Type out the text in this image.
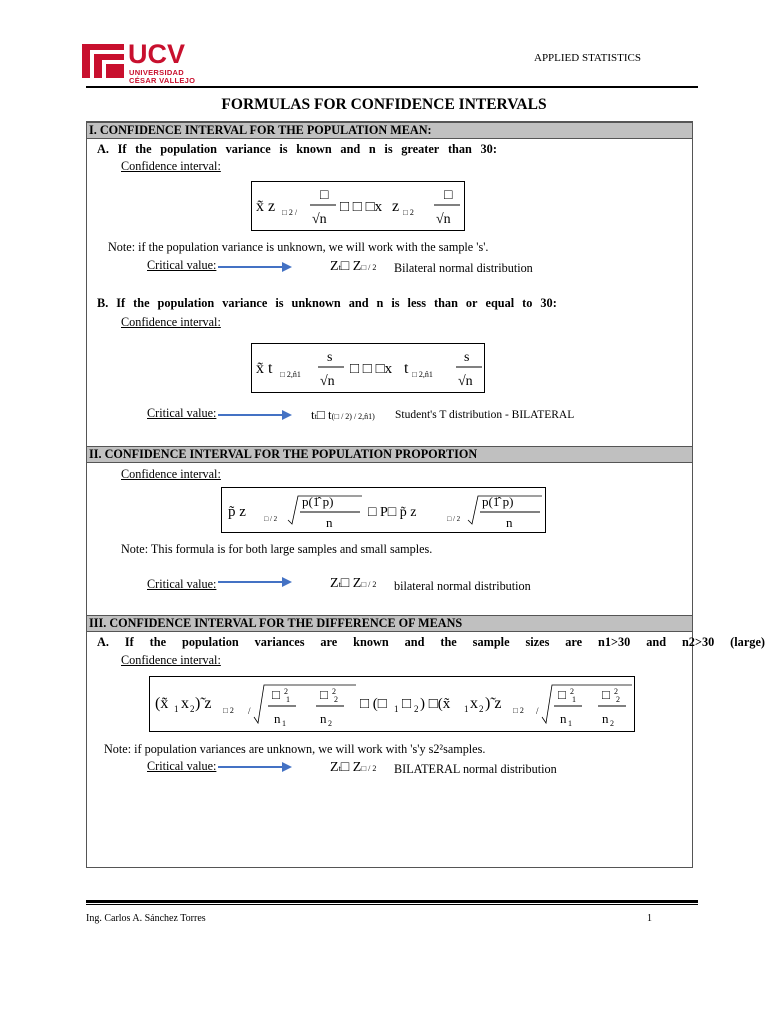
UCV
UNIVERSIDAD
CÉSAR VALLEJO
APPLIED STATISTICS
FORMULAS FOR CONFIDENCE INTERVALS
I. CONFIDENCE INTERVAL FOR THE POPULATION MEAN:
A. If the population variance is known and n is greater than 30:
Confidence interval:
x̃ z □ 2 /
□
√n
□ □ □x z □ 2
□
√n
Note: if the population variance is unknown, we will work with the sample 's'.
Critical value:	Zt□ Z□ / 2 Bilateral normal distribution
B. If the population variance is unknown and n is less than or equal to 30:
Confidence interval:
x̃ t □ 2,n̂1
s
√n
□ □ □x t □ 2,n̂1
s
√n
Critical value:	tt□ t(□ / 2) / 2,n̂1) Student's T distribution - BILATERAL
II. CONFIDENCE INTERVAL FOR THE POPULATION PROPORTION
Confidence interval:
p̃ z	□ / 2
p(1̂ p)
n
□ P□ p̃ z	□ / 2
p(1̂ p)
n
Note: This formula is for both large samples and small samples.
Critical value:	Zt□ Z□ / 2 bilateral normal distribution
III. CONFIDENCE INTERVAL FOR THE DIFFERENCE OF MEANS
A. If the population variances are known and the sample sizes are n1>30 and n2>30 (large)
Confidence interval:
(x̃ 1 x 2 )̃ z □ 2 /
□ 2
1
n 1
□ 2
2
n 2
□ (□ 1 □ 2 ) □(x̃ 1 x 2 )̃ z □ 2 /
□ 2
1
n 1
□ 2
2
n 2
Note: if population variances are unknown, we will work with 's'y s2²samples.
Critical value:	Zt□ Z□ / 2 BILATERAL normal distribution
Ing. Carlos A. Sánchez Torres	1
